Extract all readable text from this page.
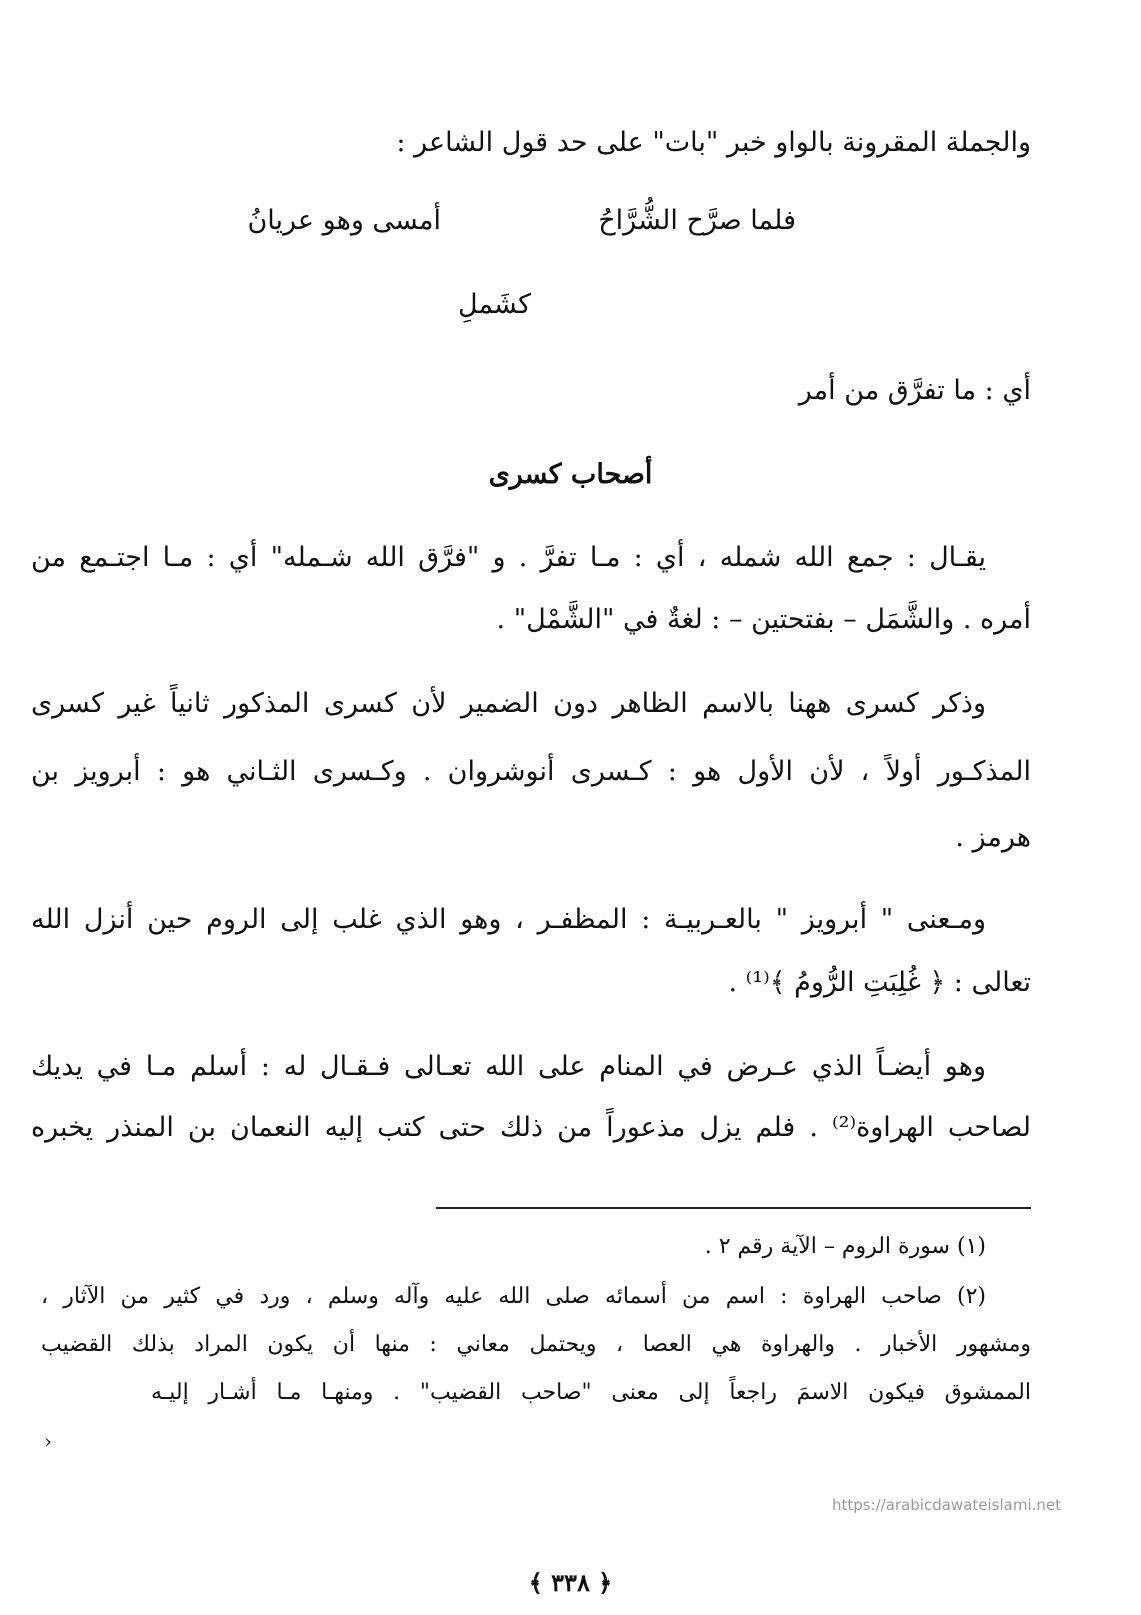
والجملة المقرونة بالواو خبر "بات" على حد قول الشاعر :
فلما صرَّح الشُّرَّاحُ
أمسى وهو عريانُ
كشَملِ
أي : ما تفرَّق من أمر
أصحاب كسرى
يقـال : جمع الله شمله ، أي : مـا تفرَّ . و "فرَّق الله شـمله" أي : مـا اجتـمع من
أمره . والشَّمَل – بفتحتين – : لغةٌ في "الشَّمْل" .
وذكر كسرى ههنا بالاسم الظاهر دون الضمير لأن كسرى المذكور ثانياً غير كسرى
المذكـور أولاً ، لأن الأول هو : كـسرى أنوشروان . وكـسرى الثـاني هو : أبرويز بن
هرمز .
ومـعنى " أبرويز " بالعـربيـة : المظفـر ، وهو الذي غلب إلى الروم حين أنزل الله
تعالى : ﴿ غُلِبَتِ الرُّومُ ﴾⁽¹⁾ .
وهو أيضـاً الذي عـرض في المنام على الله تعـالى فـقـال له : أسلم مـا في يديك
لصاحب الهراوة⁽²⁾ . فلم يزل مذعوراً من ذلك حتى كتب إليه النعمان بن المنذر يخبره
(١) سورة الروم – الآية رقم ٢ .
(٢) صاحب الهراوة : اسم من أسمائه صلى الله عليه وآله وسلم ، ورد في كثير من الآثار ،
ومشهور الأخبار . والهراوة هي العصا ، ويحتمل معاني : منها أن يكون المراد بذلك القضيب
الممشوق فيكون الاسمَ راجعاً إلى معنى "صاحب القضيب" . ومنهـا مـا أشـار إليـه
›
https://arabicdawateislami.net
﴿ ٣٣٨ ﴾
